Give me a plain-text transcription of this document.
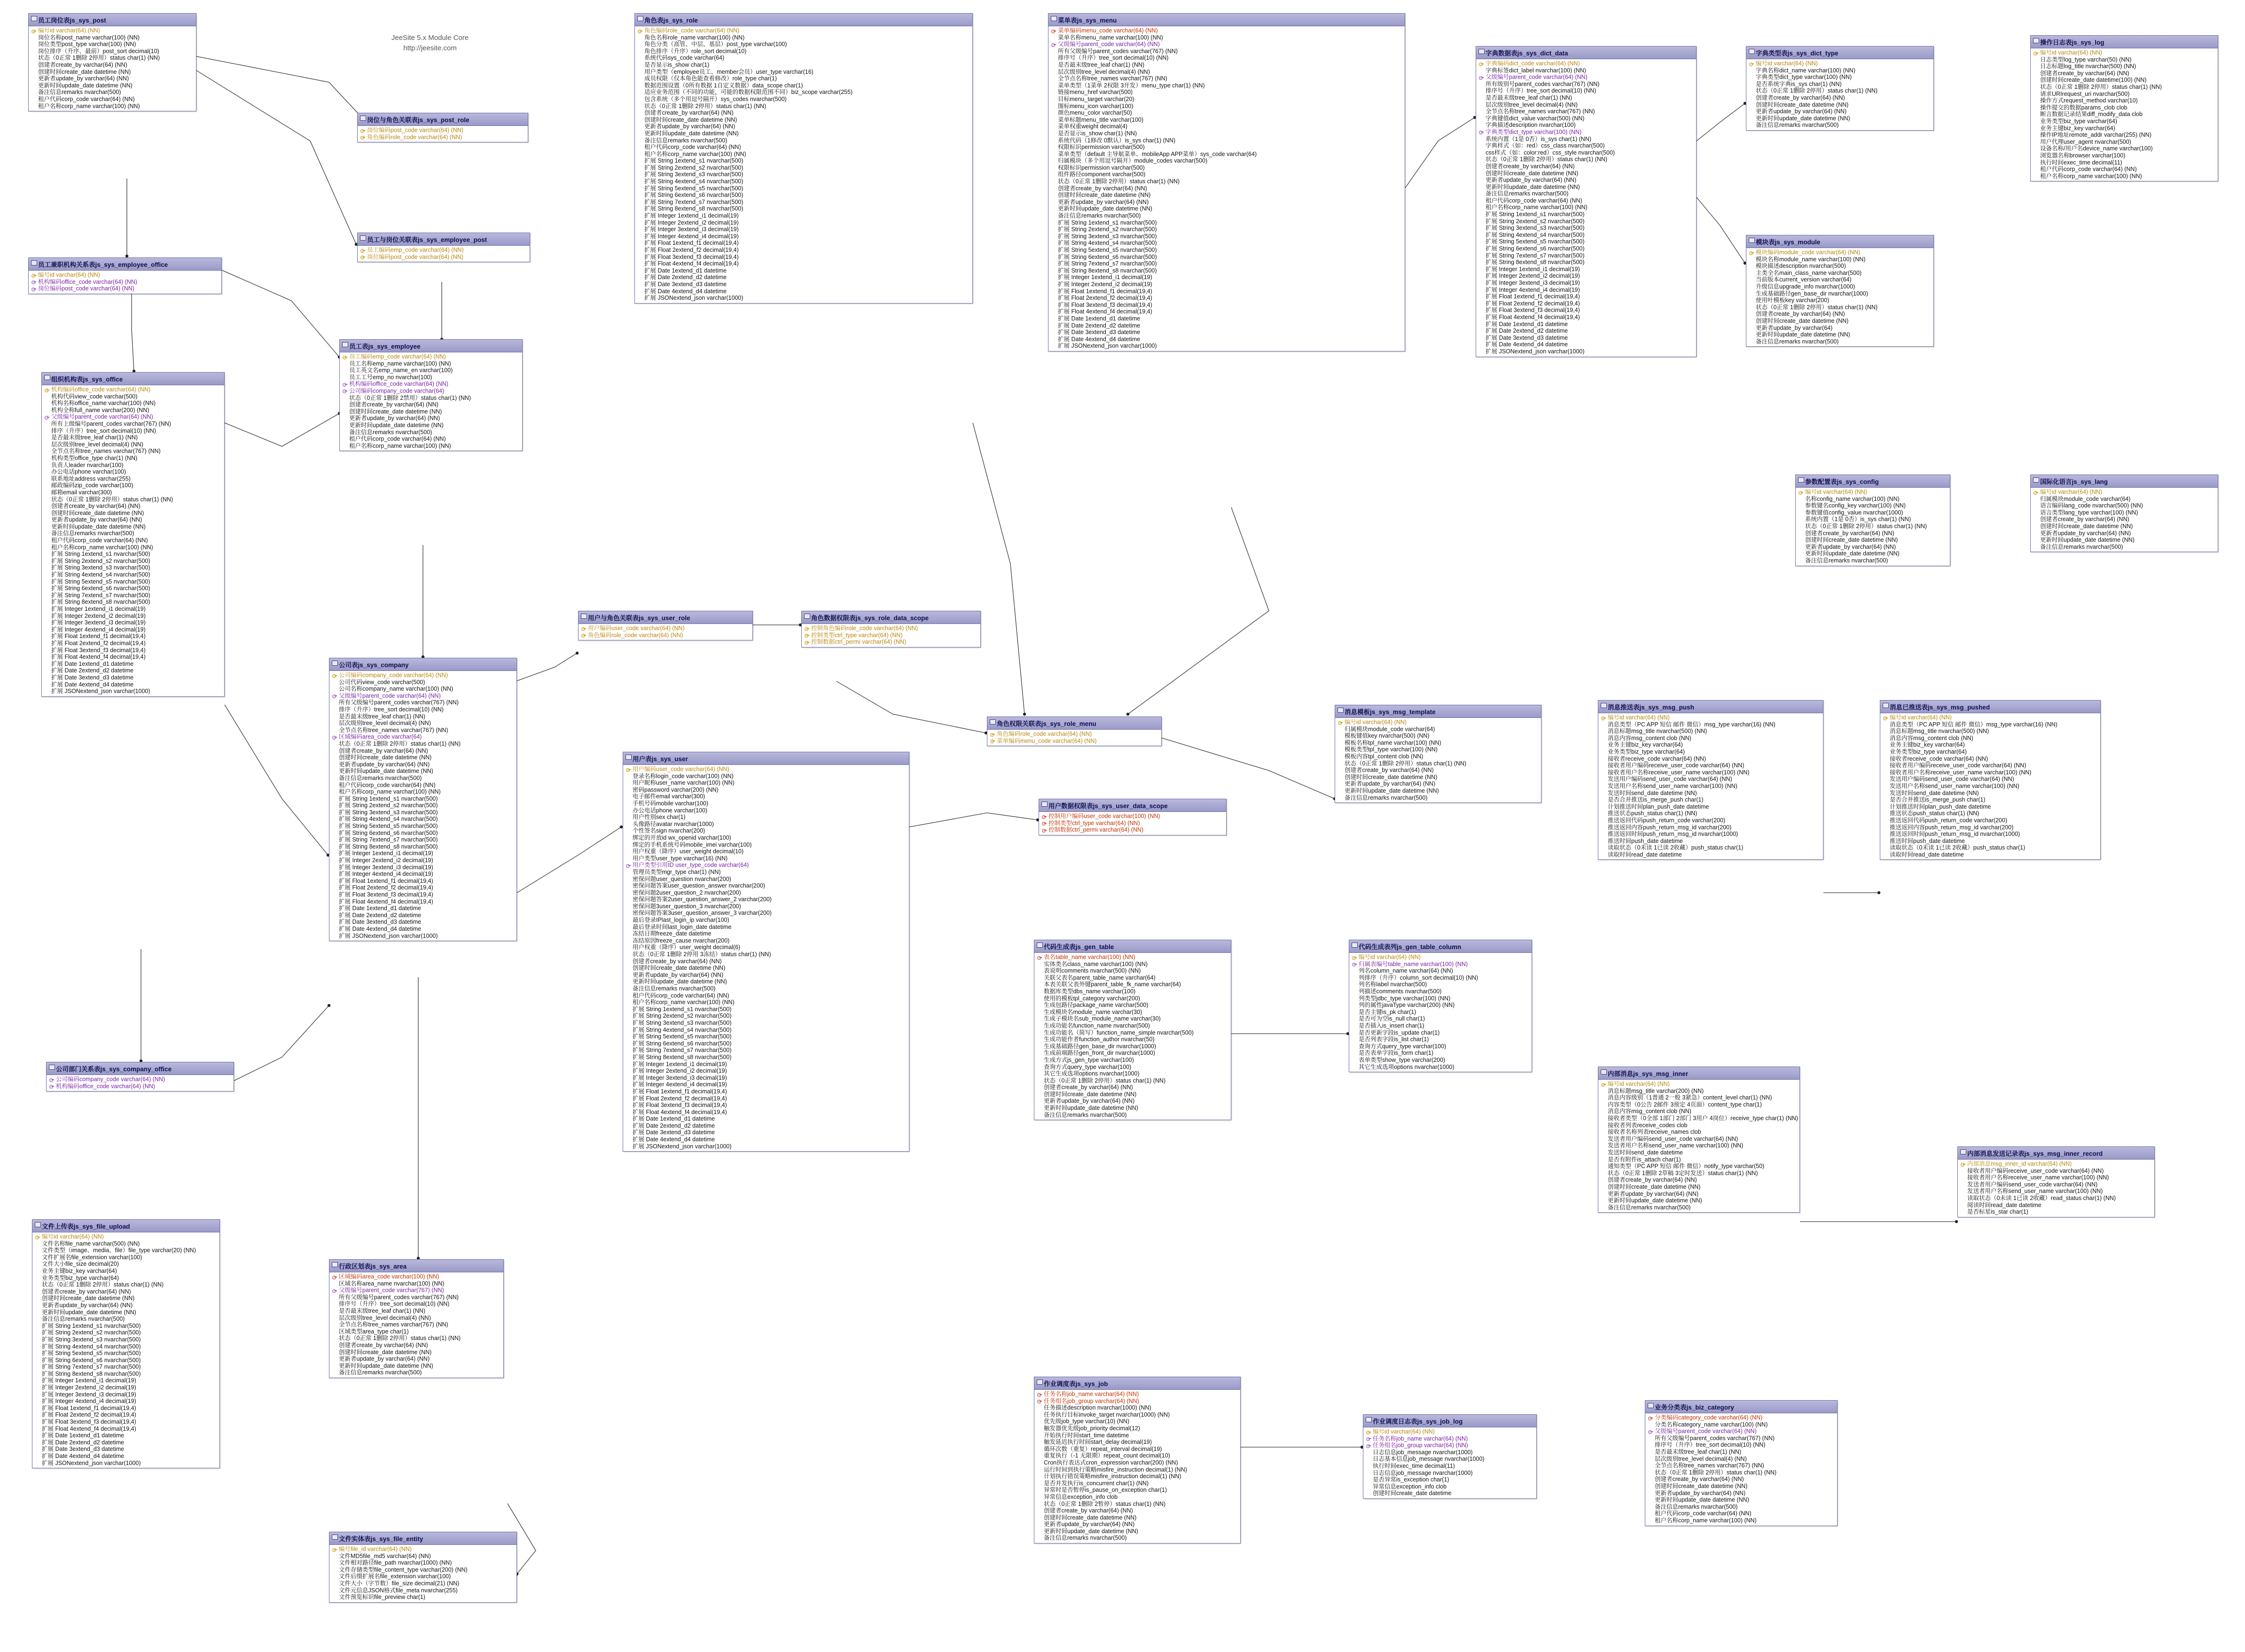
JeeSite 5.x Module Core
http://jeesite.com
员工岗位表js_sys_post
编号id varchar(64) (NN)
岗位名称post_name varchar(100) (NN)
岗位类型post_type varchar(100) (NN)
岗位排序（升序、最前）post_sort decimal(10)
状态（0正常 1删除 2停用）status char(1) (NN)
创建者create_by varchar(64) (NN)
创建时间create_date datetime (NN)
更新者update_by varchar(64) (NN)
更新时间update_date datetime (NN)
备注信息remarks nvarchar(500)
租户代码corp_code varchar(64) (NN)
租户名称corp_name varchar(100) (NN)
岗位与角色关联表js_sys_post_role
岗位编码post_code varchar(64) (NN)
角色编码role_code varchar(64) (NN)
员工与岗位关联表js_sys_employee_post
员工编码emp_code varchar(64) (NN)
岗位编码post_code varchar(64) (NN)
员工兼职机构关系表js_sys_employee_office
编号id varchar(64) (NN)
机构编码office_code varchar(64) (NN)
岗位编码post_code varchar(64) (NN)
员工表js_sys_employee
员工编码emp_code varchar(64) (NN)
员工名称emp_name varchar(100) (NN)
员工英文名emp_name_en varchar(100)
员工工号emp_no nvarchar(100)
机构编码office_code varchar(64) (NN)
公司编码company_code varchar(64)
状态（0正常 1删除 2禁用）status char(1) (NN)
创建者create_by varchar(64) (NN)
创建时间create_date datetime (NN)
更新者update_by varchar(64) (NN)
更新时间update_date datetime (NN)
备注信息remarks nvarchar(500)
租户代码corp_code varchar(64) (NN)
租户名称corp_name varchar(100) (NN)
组织机构表js_sys_office
机构编码office_code varchar(64) (NN)
机构代码view_code varchar(500)
机构名称office_name varchar(100) (NN)
机构全称full_name varchar(200) (NN)
父级编号parent_code varchar(64) (NN)
所有上级编号parent_codes varchar(767) (NN)
排序（升序）tree_sort decimal(10) (NN)
是否最末级tree_leaf char(1) (NN)
层次级别tree_level decimal(4) (NN)
全节点名称tree_names varchar(767) (NN)
机构类型office_type char(1) (NN)
负责人leader nvarchar(100)
办公电话phone varchar(100)
联系地址address varchar(255)
邮政编码zip_code varchar(100)
邮箱email varchar(300)
状态（0正常 1删除 2停用）status char(1) (NN)
创建者create_by varchar(64) (NN)
创建时间create_date datetime (NN)
更新者update_by varchar(64) (NN)
更新时间update_date datetime (NN)
备注信息remarks nvarchar(500)
租户代码corp_code varchar(64) (NN)
租户名称corp_name varchar(100) (NN)
扩展 String 1extend_s1 nvarchar(500)
扩展 String 2extend_s2 nvarchar(500)
扩展 String 3extend_s3 nvarchar(500)
扩展 String 4extend_s4 nvarchar(500)
扩展 String 5extend_s5 nvarchar(500)
扩展 String 6extend_s6 nvarchar(500)
扩展 String 7extend_s7 nvarchar(500)
扩展 String 8extend_s8 nvarchar(500)
扩展 Integer 1extend_i1 decimal(19)
扩展 Integer 2extend_i2 decimal(19)
扩展 Integer 3extend_i3 decimal(19)
扩展 Integer 4extend_i4 decimal(19)
扩展 Float 1extend_f1 decimal(19,4)
扩展 Float 2extend_f2 decimal(19,4)
扩展 Float 3extend_f3 decimal(19,4)
扩展 Float 4extend_f4 decimal(19,4)
扩展 Date 1extend_d1 datetime
扩展 Date 2extend_d2 datetime
扩展 Date 3extend_d3 datetime
扩展 Date 4extend_d4 datetime
扩展 JSONextend_json varchar(1000)
公司表js_sys_company
公司编码company_code varchar(64) (NN)
公司代码view_code varchar(500)
公司名称company_name varchar(100) (NN)
父级编号parent_code varchar(64) (NN)
所有父级编号parent_codes varchar(767) (NN)
排序（升序）tree_sort decimal(10) (NN)
是否最末级tree_leaf char(1) (NN)
层次级别tree_level decimal(4) (NN)
全节点名称tree_names varchar(767) (NN)
区域编码area_code varchar(64)
状态（0正常 1删除 2停用）status char(1) (NN)
创建者create_by varchar(64) (NN)
创建时间create_date datetime (NN)
更新者update_by varchar(64) (NN)
更新时间update_date datetime (NN)
备注信息remarks nvarchar(500)
租户代码corp_code varchar(64) (NN)
租户名称corp_name varchar(100) (NN)
扩展 String 1extend_s1 nvarchar(500)
扩展 String 2extend_s2 nvarchar(500)
扩展 String 3extend_s3 nvarchar(500)
扩展 String 4extend_s4 nvarchar(500)
扩展 String 5extend_s5 nvarchar(500)
扩展 String 6extend_s6 nvarchar(500)
扩展 String 7extend_s7 nvarchar(500)
扩展 String 8extend_s8 nvarchar(500)
扩展 Integer 1extend_i1 decimal(19)
扩展 Integer 2extend_i2 decimal(19)
扩展 Integer 3extend_i3 decimal(19)
扩展 Integer 4extend_i4 decimal(19)
扩展 Float 1extend_f1 decimal(19,4)
扩展 Float 2extend_f2 decimal(19,4)
扩展 Float 3extend_f3 decimal(19,4)
扩展 Float 4extend_f4 decimal(19,4)
扩展 Date 1extend_d1 datetime
扩展 Date 2extend_d2 datetime
扩展 Date 3extend_d3 datetime
扩展 Date 4extend_d4 datetime
扩展 JSONextend_json varchar(1000)
公司部门关系表js_sys_company_office
公司编码company_code varchar(64) (NN)
机构编码office_code varchar(64) (NN)
行政区划表js_sys_area
区域编码area_code varchar(100) (NN)
区域名称area_name nvarchar(100) (NN)
父级编号parent_code varchar(767) (NN)
所有父级编号parent_codes varchar(767) (NN)
排序号（升序）tree_sort decimal(10) (NN)
是否最末级tree_leaf char(1) (NN)
层次级别tree_level decimal(4) (NN)
全节点名称tree_names varchar(767) (NN)
区域类型area_type char(1)
状态（0正常 1删除 2停用）status char(1) (NN)
创建者create_by varchar(64) (NN)
创建时间create_date datetime (NN)
更新者update_by varchar(64) (NN)
更新时间update_date datetime (NN)
备注信息remarks nvarchar(500)
文件上传表js_sys_file_upload
编号id varchar(64) (NN)
文件名称file_name varchar(500) (NN)
文件类型（image、media、file）file_type varchar(20) (NN)
文件扩展名file_extension varchar(100)
文件大小file_size decimal(20)
业务主键biz_key varchar(64)
业务类型biz_type varchar(64)
状态（0正常 1删除 2停用）status char(1) (NN)
创建者create_by varchar(64) (NN)
创建时间create_date datetime (NN)
更新者update_by varchar(64) (NN)
更新时间update_date datetime (NN)
备注信息remarks nvarchar(500)
扩展 String 1extend_s1 nvarchar(500)
扩展 String 2extend_s2 nvarchar(500)
扩展 String 3extend_s3 nvarchar(500)
扩展 String 4extend_s4 nvarchar(500)
扩展 String 5extend_s5 nvarchar(500)
扩展 String 6extend_s6 nvarchar(500)
扩展 String 7extend_s7 nvarchar(500)
扩展 String 8extend_s8 nvarchar(500)
扩展 Integer 1extend_i1 decimal(19)
扩展 Integer 2extend_i2 decimal(19)
扩展 Integer 3extend_i3 decimal(19)
扩展 Integer 4extend_i4 decimal(19)
扩展 Float 1extend_f1 decimal(19,4)
扩展 Float 2extend_f2 decimal(19,4)
扩展 Float 3extend_f3 decimal(19,4)
扩展 Float 4extend_f4 decimal(19,4)
扩展 Date 1extend_d1 datetime
扩展 Date 2extend_d2 datetime
扩展 Date 3extend_d3 datetime
扩展 Date 4extend_d4 datetime
扩展 JSONextend_json varchar(1000)
文件实体表js_sys_file_entity
编号file_id varchar(64) (NN)
文件MD5file_md5 varchar(64) (NN)
文件相对路径file_path nvarchar(1000) (NN)
文件存储类型file_content_type varchar(200) (NN)
文件后缀扩展名file_extension varchar(100)
文件大小（字节数）file_size decimal(21) (NN)
文件元信息JSON格式file_meta nvarchar(255)
文件预览标识file_preview char(1)
角色表js_sys_role
角色编码role_code varchar(64) (NN)
角色名称role_name varchar(100) (NN)
角色分类（高管、中层、基层）post_type varchar(100)
角色排序（升序）role_sort decimal(10)
系统代码sys_code varchar(64)
是否显示is_show char(1)
用户类型（employee员工、member会员）user_type varchar(16)
成员权限（仅本角色能查看修改）role_type char(1)
数据范围设置（0所有数据 1自定义数据）data_scope char(1)
适应业务范围（不同的功能，可能的数据权限范围不同）biz_scope varchar(255)
包含系统（多个用逗号隔开）sys_codes nvarchar(500)
状态（0正常 1删除 2停用）status char(1) (NN)
创建者create_by varchar(64) (NN)
创建时间create_date datetime (NN)
更新者update_by varchar(64) (NN)
更新时间update_date datetime (NN)
备注信息remarks nvarchar(500)
租户代码corp_code varchar(64) (NN)
租户名称corp_name varchar(100) (NN)
扩展 String 1extend_s1 nvarchar(500)
扩展 String 2extend_s2 nvarchar(500)
扩展 String 3extend_s3 nvarchar(500)
扩展 String 4extend_s4 nvarchar(500)
扩展 String 5extend_s5 nvarchar(500)
扩展 String 6extend_s6 nvarchar(500)
扩展 String 7extend_s7 nvarchar(500)
扩展 String 8extend_s8 nvarchar(500)
扩展 Integer 1extend_i1 decimal(19)
扩展 Integer 2extend_i2 decimal(19)
扩展 Integer 3extend_i3 decimal(19)
扩展 Integer 4extend_i4 decimal(19)
扩展 Float 1extend_f1 decimal(19,4)
扩展 Float 2extend_f2 decimal(19,4)
扩展 Float 3extend_f3 decimal(19,4)
扩展 Float 4extend_f4 decimal(19,4)
扩展 Date 1extend_d1 datetime
扩展 Date 2extend_d2 datetime
扩展 Date 3extend_d3 datetime
扩展 Date 4extend_d4 datetime
扩展 JSONextend_json varchar(1000)
用户与角色关联表js_sys_user_role
用户编码user_code varchar(64) (NN)
角色编码role_code varchar(64) (NN)
角色数据权限表js_sys_role_data_scope
控制角色编码role_code varchar(64) (NN)
控制类型ctrl_type varchar(64) (NN)
控制数据ctrl_permi varchar(64) (NN)
用户表js_sys_user
用户编码user_code varchar(64) (NN)
登录名称login_code varchar(100) (NN)
用户昵称user_name varchar(100) (NN)
密码password varchar(200) (NN)
电子邮件email varchar(300)
手机号码mobile varchar(100)
办公电话phone varchar(100)
用户性别sex char(1)
头像路径avatar nvarchar(1000)
个性签名sign nvarchar(200)
绑定的开放id wx_openid varchar(100)
绑定的手机系统号码mobile_imei varchar(100)
用户权重（降序）user_weight decimal(10)
用户类型user_type varchar(16) (NN)
用户类型引用ID user_type_code varchar(64)
管理员类型mgr_type char(1) (NN)
密保问题user_question nvarchar(200)
密保问题答案user_question_answer nvarchar(200)
密保问题2user_question_2 nvarchar(200)
密保问题答案2user_question_answer_2 varchar(200)
密保问题3user_question_3 nvarchar(200)
密保问题答案3user_question_answer_3 varchar(200)
最后登录IPlast_login_ip varchar(100)
最后登录时间last_login_date datetime
冻结日期freeze_date datetime
冻结原因freeze_cause nvarchar(200)
用户权重（降序）user_weight decimal(6)
状态（0正常 1删除 2停用 3冻结）status char(1) (NN)
创建者create_by varchar(64) (NN)
创建时间create_date datetime (NN)
更新者update_by varchar(64) (NN)
更新时间update_date datetime (NN)
备注信息remarks nvarchar(500)
租户代码corp_code varchar(64) (NN)
租户名称corp_name varchar(100) (NN)
扩展 String 1extend_s1 nvarchar(500)
扩展 String 2extend_s2 nvarchar(500)
扩展 String 3extend_s3 nvarchar(500)
扩展 String 4extend_s4 nvarchar(500)
扩展 String 5extend_s5 nvarchar(500)
扩展 String 6extend_s6 nvarchar(500)
扩展 String 7extend_s7 nvarchar(500)
扩展 String 8extend_s8 nvarchar(500)
扩展 Integer 1extend_i1 decimal(19)
扩展 Integer 2extend_i2 decimal(19)
扩展 Integer 3extend_i3 decimal(19)
扩展 Integer 4extend_i4 decimal(19)
扩展 Float 1extend_f1 decimal(19,4)
扩展 Float 2extend_f2 decimal(19,4)
扩展 Float 3extend_f3 decimal(19,4)
扩展 Float 4extend_f4 decimal(19,4)
扩展 Date 1extend_d1 datetime
扩展 Date 2extend_d2 datetime
扩展 Date 3extend_d3 datetime
扩展 Date 4extend_d4 datetime
扩展 JSONextend_json varchar(1000)
用户数据权限表js_sys_user_data_scope
控制用户编码user_code varchar(100) (NN)
控制类型ctrl_type varchar(64) (NN)
控制数据ctrl_permi varchar(64) (NN)
角色权限关联表js_sys_role_menu
角色编码role_code varchar(64) (NN)
菜单编码menu_code varchar(64) (NN)
菜单表js_sys_menu
菜单编码menu_code varchar(64) (NN)
菜单名称menu_name varchar(100) (NN)
父级编号parent_code varchar(64) (NN)
所有父级编号parent_codes varchar(767) (NN)
排序号（升序）tree_sort decimal(10) (NN)
是否最末级tree_leaf char(1) (NN)
层次级别tree_level decimal(4) (NN)
全节点名称tree_names varchar(767) (NN)
菜单类型（1菜单 2权限 3开发）menu_type char(1) (NN)
链接menu_href varchar(500)
目标menu_target varchar(20)
图标menu_icon varchar(100)
颜色menu_color varchar(50)
菜单标题menu_title varchar(100)
菜单权重weight decimal(4)
是否显示is_show char(1) (NN)
系统代码（1修改 0默认）is_sys char(1) (NN)
权限标识permission varchar(500)
菜单类型（default 主导航菜单、mobileApp APP菜单）sys_code varchar(64)
归属模块（多个用逗号隔开）module_codes varchar(500)
权限标识permission varchar(500)
组件路径component varchar(500)
状态（0正常 1删除 2停用）status char(1) (NN)
创建者create_by varchar(64) (NN)
创建时间create_date datetime (NN)
更新者update_by varchar(64) (NN)
更新时间update_date datetime (NN)
备注信息remarks nvarchar(500)
扩展 String 1extend_s1 nvarchar(500)
扩展 String 2extend_s2 nvarchar(500)
扩展 String 3extend_s3 nvarchar(500)
扩展 String 4extend_s4 nvarchar(500)
扩展 String 5extend_s5 nvarchar(500)
扩展 String 6extend_s6 nvarchar(500)
扩展 String 7extend_s7 nvarchar(500)
扩展 String 8extend_s8 nvarchar(500)
扩展 Integer 1extend_i1 decimal(19)
扩展 Integer 2extend_i2 decimal(19)
扩展 Float 1extend_f1 decimal(19,4)
扩展 Float 2extend_f2 decimal(19,4)
扩展 Float 3extend_f3 decimal(19,4)
扩展 Float 4extend_f4 decimal(19,4)
扩展 Date 1extend_d1 datetime
扩展 Date 2extend_d2 datetime
扩展 Date 3extend_d3 datetime
扩展 Date 4extend_d4 datetime
扩展 JSONextend_json varchar(1000)
字典数据表js_sys_dict_data
字典编码dict_code varchar(64) (NN)
字典标签dict_label nvarchar(100) (NN)
父级编号parent_code varchar(64) (NN)
所有级别号parent_codes varchar(767) (NN)
排序号（升序）tree_sort decimal(10) (NN)
是否最末级tree_leaf char(1) (NN)
层次级别tree_level decimal(4) (NN)
全节点名称tree_names varchar(767) (NN)
字典键值dict_value varchar(500) (NN)
字典描述description nvarchar(100)
字典类型dict_type varchar(100) (NN)
系统内置（1是 0否）is_sys char(1) (NN)
字典样式（如：red）css_class nvarchar(500)
css样式（如：color:red）css_style nvarchar(500)
状态（0正常 1删除 2停用）status char(1) (NN)
创建者create_by varchar(64) (NN)
创建时间create_date datetime (NN)
更新者update_by varchar(64) (NN)
更新时间update_date datetime (NN)
备注信息remarks nvarchar(500)
租户代码corp_code varchar(64) (NN)
租户名称corp_name varchar(100) (NN)
扩展 String 1extend_s1 nvarchar(500)
扩展 String 2extend_s2 nvarchar(500)
扩展 String 3extend_s3 nvarchar(500)
扩展 String 4extend_s4 nvarchar(500)
扩展 String 5extend_s5 nvarchar(500)
扩展 String 6extend_s6 nvarchar(500)
扩展 String 7extend_s7 nvarchar(500)
扩展 String 8extend_s8 nvarchar(500)
扩展 Integer 1extend_i1 decimal(19)
扩展 Integer 2extend_i2 decimal(19)
扩展 Integer 3extend_i3 decimal(19)
扩展 Integer 4extend_i4 decimal(19)
扩展 Float 1extend_f1 decimal(19,4)
扩展 Float 2extend_f2 decimal(19,4)
扩展 Float 3extend_f3 decimal(19,4)
扩展 Float 4extend_f4 decimal(19,4)
扩展 Date 1extend_d1 datetime
扩展 Date 2extend_d2 datetime
扩展 Date 3extend_d3 datetime
扩展 Date 4extend_d4 datetime
扩展 JSONextend_json varchar(1000)
字典类型表js_sys_dict_type
编号id varchar(64) (NN)
字典名称dict_name varchar(100) (NN)
字典类型dict_type varchar(100) (NN)
是否系统字典is_sys char(1) (NN)
状态（0正常 1删除 2停用）status char(1) (NN)
创建者create_by varchar(64) (NN)
创建时间create_date datetime (NN)
更新者update_by varchar(64) (NN)
更新时间update_date datetime (NN)
备注信息remarks nvarchar(500)
模块表js_sys_module
模块编码module_code varchar(64) (NN)
模块名称module_name varchar(100) (NN)
模块描述description nvarchar(500)
主类全名main_class_name varchar(500)
当前版本current_version varchar(64)
升级信息upgrade_info nvarchar(1000)
生成基础路径gen_base_dir nvarchar(1000)
使用叶模板key varchar(200)
状态（0正常 1删除 2停用）status char(1) (NN)
创建者create_by varchar(64) (NN)
创建时间create_date datetime (NN)
更新者update_by varchar(64)
更新时间update_date datetime (NN)
备注信息remarks nvarchar(500)
操作日志表js_sys_log
编号id varchar(64) (NN)
日志类型log_type varchar(50) (NN)
日志标题log_title nvarchar(500) (NN)
创建者create_by varchar(64) (NN)
创建时间create_date datetime(100) (NN)
状态（0正常 1删除 2停用）status char(1) (NN)
请求URIrequest_uri nvarchar(500)
操作方式request_method varchar(10)
操作提交的数据params_clob clob
断言数据记录结果diff_modify_data clob
业务类型biz_type varchar(64)
业务主键biz_key varchar(64)
操作IP地址remote_addr varchar(255) (NN)
用户代理user_agent nvarchar(500)
设备名称/用户名device_name varchar(100)
浏览器名称browser varchar(100)
执行时间exec_time decimal(11)
租户代码corp_code varchar(64) (NN)
租户名称corp_name varchar(100) (NN)
参数配置表js_sys_config
编号id varchar(64) (NN)
名称config_name varchar(100) (NN)
参数键名config_key varchar(100) (NN)
参数键值config_value nvarchar(1000)
系统内置（1是 0否）is_sys char(1) (NN)
状态（0正常 1删除 2停用）status char(1) (NN)
创建者create_by varchar(64) (NN)
创建时间create_date datetime (NN)
更新者update_by varchar(64) (NN)
更新时间update_date datetime (NN)
备注信息remarks nvarchar(500)
国际化语言js_sys_lang
编号id varchar(64) (NN)
归属模块module_code varchar(64)
语言编码lang_code nvarchar(500) (NN)
语言类型lang_type varchar(100) (NN)
创建者create_by varchar(64) (NN)
创建时间create_date datetime (NN)
更新者update_by varchar(64) (NN)
更新时间update_date datetime (NN)
备注信息remarks nvarchar(500)
消息模板js_sys_msg_template
编号id varchar(64) (NN)
归属模块module_code varchar(64)
模板键值key nvarchar(500) (NN)
模板名称tpl_name varchar(100) (NN)
模板类型tpl_type varchar(100) (NN)
模板内容tpl_content clob (NN)
状态（0正常 1删除 2停用）status char(1) (NN)
创建者create_by varchar(64) (NN)
创建时间create_date datetime (NN)
更新者update_by varchar(64) (NN)
更新时间update_date datetime (NN)
备注信息remarks nvarchar(500)
消息推送表js_sys_msg_push
编号id varchar(64) (NN)
消息类型（PC APP 短信 邮件 微信）msg_type varchar(16) (NN)
消息标题msg_title nvarchar(500) (NN)
消息内容msg_content clob (NN)
业务主键biz_key varchar(64)
业务类型biz_type varchar(64)
接收者receive_code varchar(64) (NN)
接收者用户编码receive_user_code varchar(64) (NN)
接收者用户名称receive_user_name varchar(100) (NN)
发送用户编码send_user_code varchar(64) (NN)
发送用户名称send_user_name varchar(100) (NN)
发送时间send_date datetime (NN)
是否合并推送is_merge_push char(1)
计划推送时间plan_push_date datetime
推送状态push_status char(1) (NN)
推送返回代码push_return_code varchar(200)
推送返回内容push_return_msg_id varchar(200)
推送返回时间push_return_msg_id nvarchar(1000)
推送时间push_date datetime
读取状态（0未读 1已读 2收藏）push_status char(1)
读取时间read_date datetime
消息已推送表js_sys_msg_pushed
编号id varchar(64) (NN)
消息类型（PC APP 短信 邮件 微信）msg_type varchar(16) (NN)
消息标题msg_title nvarchar(500) (NN)
消息内容msg_content clob (NN)
业务主键biz_key varchar(64)
业务类型biz_type varchar(64)
接收者receive_code varchar(64) (NN)
接收者用户编码receive_user_code varchar(64) (NN)
接收者用户名称receive_user_name varchar(100) (NN)
发送用户编码send_user_code varchar(64) (NN)
发送用户名称send_user_name varchar(100) (NN)
发送时间send_date datetime (NN)
是否合并推送is_merge_push char(1)
计划推送时间plan_push_date datetime
推送状态push_status char(1) (NN)
推送返回代码push_return_code varchar(200)
推送返回内容push_return_msg_id varchar(200)
推送返回时间push_return_msg_id nvarchar(1000)
推送时间push_date datetime
读取状态（0未读 1已读 2收藏）push_status char(1)
读取时间read_date datetime
内部消息js_sys_msg_inner
编号id varchar(64) (NN)
消息标题msg_title varchar(200) (NN)
消息内容级别（1普通 2一般 3紧急）content_level char(1) (NN)
内容类型（0公告 2邮件 3预定 4页面）content_type char(1)
消息内容msg_content clob (NN)
接收者类型（0全部 1部门 2部门 3用户 4岗位）receive_type char(1) (NN)
接收者列表receive_codes clob
接收者名称列表receive_names clob
发送者用户编码send_user_code varchar(64) (NN)
发送者用户名称send_user_name varchar(100) (NN)
发送时间send_date datetime
是否有附件is_attach char(1)
通知类型（PC APP 短信 邮件 微信）notify_type varchar(50)
状态（0正常 1删除 2草稿 3定时发送）status char(1) (NN)
创建者create_by varchar(64) (NN)
创建时间create_date datetime (NN)
更新者update_by varchar(64) (NN)
更新时间update_date datetime (NN)
备注信息remarks nvarchar(500)
内部消息发送记录表js_sys_msg_inner_record
内部消息msg_inner_id varchar(64) (NN)
接收者用户编码receive_user_code varchar(64) (NN)
接收者用户名称receive_user_name varchar(100) (NN)
发送者用户编码send_user_code varchar(64) (NN)
发送者用户名称send_user_name varchar(100) (NN)
读取状态（0未读 1已读 2收藏）read_status char(1) (NN)
阅读时间read_date datetime
是否标星is_star char(1)
代码生成表js_gen_table
表名table_name varchar(100) (NN)
实体类名class_name varchar(100) (NN)
表说明comments nvarchar(500) (NN)
关联父表名parent_table_name varchar(64)
本表关联父表外键parent_table_fk_name varchar(64)
数据库类型dbs_name varchar(100)
使用的模板tpl_category varchar(200)
生成包路径package_name varchar(500)
生成模块名module_name varchar(30)
生成子模块名sub_module_name varchar(30)
生成功能名function_name nvarchar(500)
生成功能名（简写）function_name_simple nvarchar(500)
生成功能作者function_author nvarchar(50)
生成基础路径gen_base_dir nvarchar(1000)
生成前端路径gen_front_dir nvarchar(1000)
生成方式js_gen_type varchar(100)
查询方式query_type varchar(100)
其它生成选项options nvarchar(1000)
状态（0正常 1删除 2停用）status char(1) (NN)
创建者create_by varchar(64) (NN)
创建时间create_date datetime (NN)
更新者update_by varchar(64) (NN)
更新时间update_date datetime (NN)
备注信息remarks nvarchar(500)
代码生成表列js_gen_table_column
编号id varchar(64) (NN)
归属表编号table_name varchar(100) (NN)
列名column_name varchar(64) (NN)
列排序（升序）column_sort decimal(10) (NN)
列名称label nvarchar(500)
列描述comments nvarchar(500)
列类型jdbc_type varchar(100) (NN)
列的属性javaType varchar(200) (NN)
是否主键is_pk char(1)
是否可为空is_null char(1)
是否插入is_insert char(1)
是否更新字段is_update char(1)
是否列表字段is_list char(1)
查询方式query_type varchar(100)
是否表单字段is_form char(1)
表单类型show_type varchar(200)
其它生成选项options nvarchar(1000)
作业调度表js_sys_job
任务名称job_name varchar(64) (NN)
任务组名job_group varchar(64) (NN)
任务描述description nvarchar(1000) (NN)
任务执行目标invoke_target nvarchar(1000) (NN)
优先级job_type varchar(10) (NN)
触发器优先级job_priority decimal(12)
开始执行时间start_time datetime
触发延迟执行时间start_delay decimal(19)
循环次数（重复）repeat_interval decimal(19)
重复执行（-1 无限期）repeat_count decimal(10)
Cron执行表达式cron_expression varchar(200) (NN)
运行时间到执行策略misfire_instruction decimal(1) (NN)
计划执行错误策略misfire_instruction decimal(1) (NN)
是否并发执行is_concurrent char(1) (NN)
异常时是否暂停is_pause_on_exception char(1)
异常信息exception_info clob
状态（0正常 1删除 2暂停）status char(1) (NN)
创建者create_by varchar(64) (NN)
创建时间create_date datetime (NN)
更新者update_by varchar(64) (NN)
更新时间update_date datetime (NN)
备注信息remarks nvarchar(500)
作业调度日志表js_sys_job_log
编号id varchar(64) (NN)
任务名称job_name varchar(64) (NN)
任务组名job_group varchar(64) (NN)
日志信息job_message nvarchar(1000)
日志基本信息job_message nvarchar(1000)
执行时间exec_time decimal(11)
日志信息job_message nvarchar(1000)
是否异常is_exception char(1)
异常信息exception_info clob
创建时间create_date datetime
业务分类表js_biz_category
分类编码category_code varchar(64) (NN)
分类名称category_name varchar(100) (NN)
父级编号parent_code varchar(64) (NN)
所有父级编号parent_codes varchar(767) (NN)
排序号（升序）tree_sort decimal(10) (NN)
是否最末级tree_leaf char(1) (NN)
层次级别tree_level decimal(4) (NN)
全节点名称tree_names varchar(767) (NN)
状态（0正常 1删除 2停用）status char(1) (NN)
创建者create_by varchar(64) (NN)
创建时间create_date datetime (NN)
更新者update_by varchar(64) (NN)
更新时间update_date datetime (NN)
备注信息remarks nvarchar(500)
租户代码corp_code varchar(64) (NN)
租户名称corp_name varchar(100) (NN)
